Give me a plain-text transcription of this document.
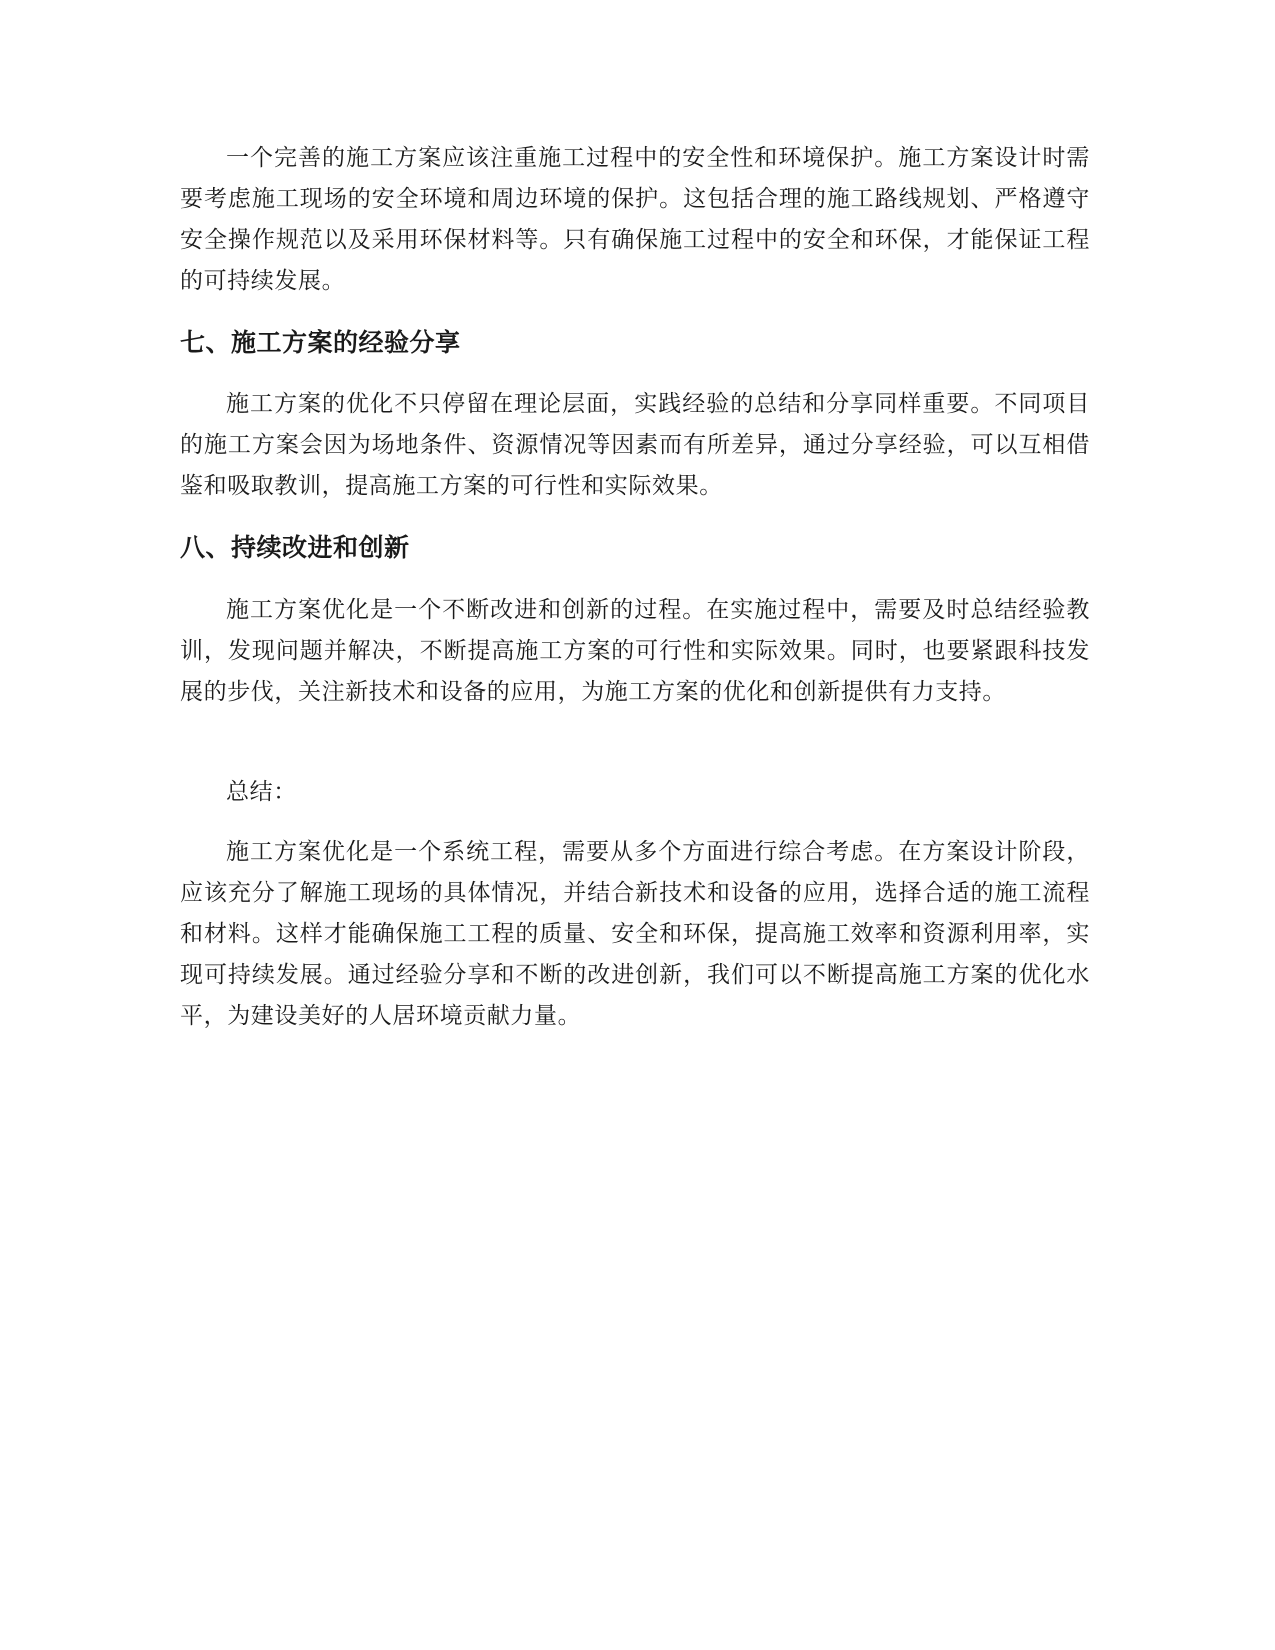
一个完善的施工方案应该注重施工过程中的安全性和环境保护。施工方案设计时需要考虑施工现场的安全环境和周边环境的保护。这包括合理的施工路线规划、严格遵守安全操作规范以及采用环保材料等。只有确保施工过程中的安全和环保，才能保证工程的可持续发展。

七、施工方案的经验分享

施工方案的优化不只停留在理论层面，实践经验的总结和分享同样重要。不同项目的施工方案会因为场地条件、资源情况等因素而有所差异，通过分享经验，可以互相借鉴和吸取教训，提高施工方案的可行性和实际效果。

八、持续改进和创新

施工方案优化是一个不断改进和创新的过程。在实施过程中，需要及时总结经验教训，发现问题并解决，不断提高施工方案的可行性和实际效果。同时，也要紧跟科技发展的步伐，关注新技术和设备的应用，为施工方案的优化和创新提供有力支持。

总结：

施工方案优化是一个系统工程，需要从多个方面进行综合考虑。在方案设计阶段，应该充分了解施工现场的具体情况，并结合新技术和设备的应用，选择合适的施工流程和材料。这样才能确保施工工程的质量、安全和环保，提高施工效率和资源利用率，实现可持续发展。通过经验分享和不断的改进创新，我们可以不断提高施工方案的优化水平，为建设美好的人居环境贡献力量。
